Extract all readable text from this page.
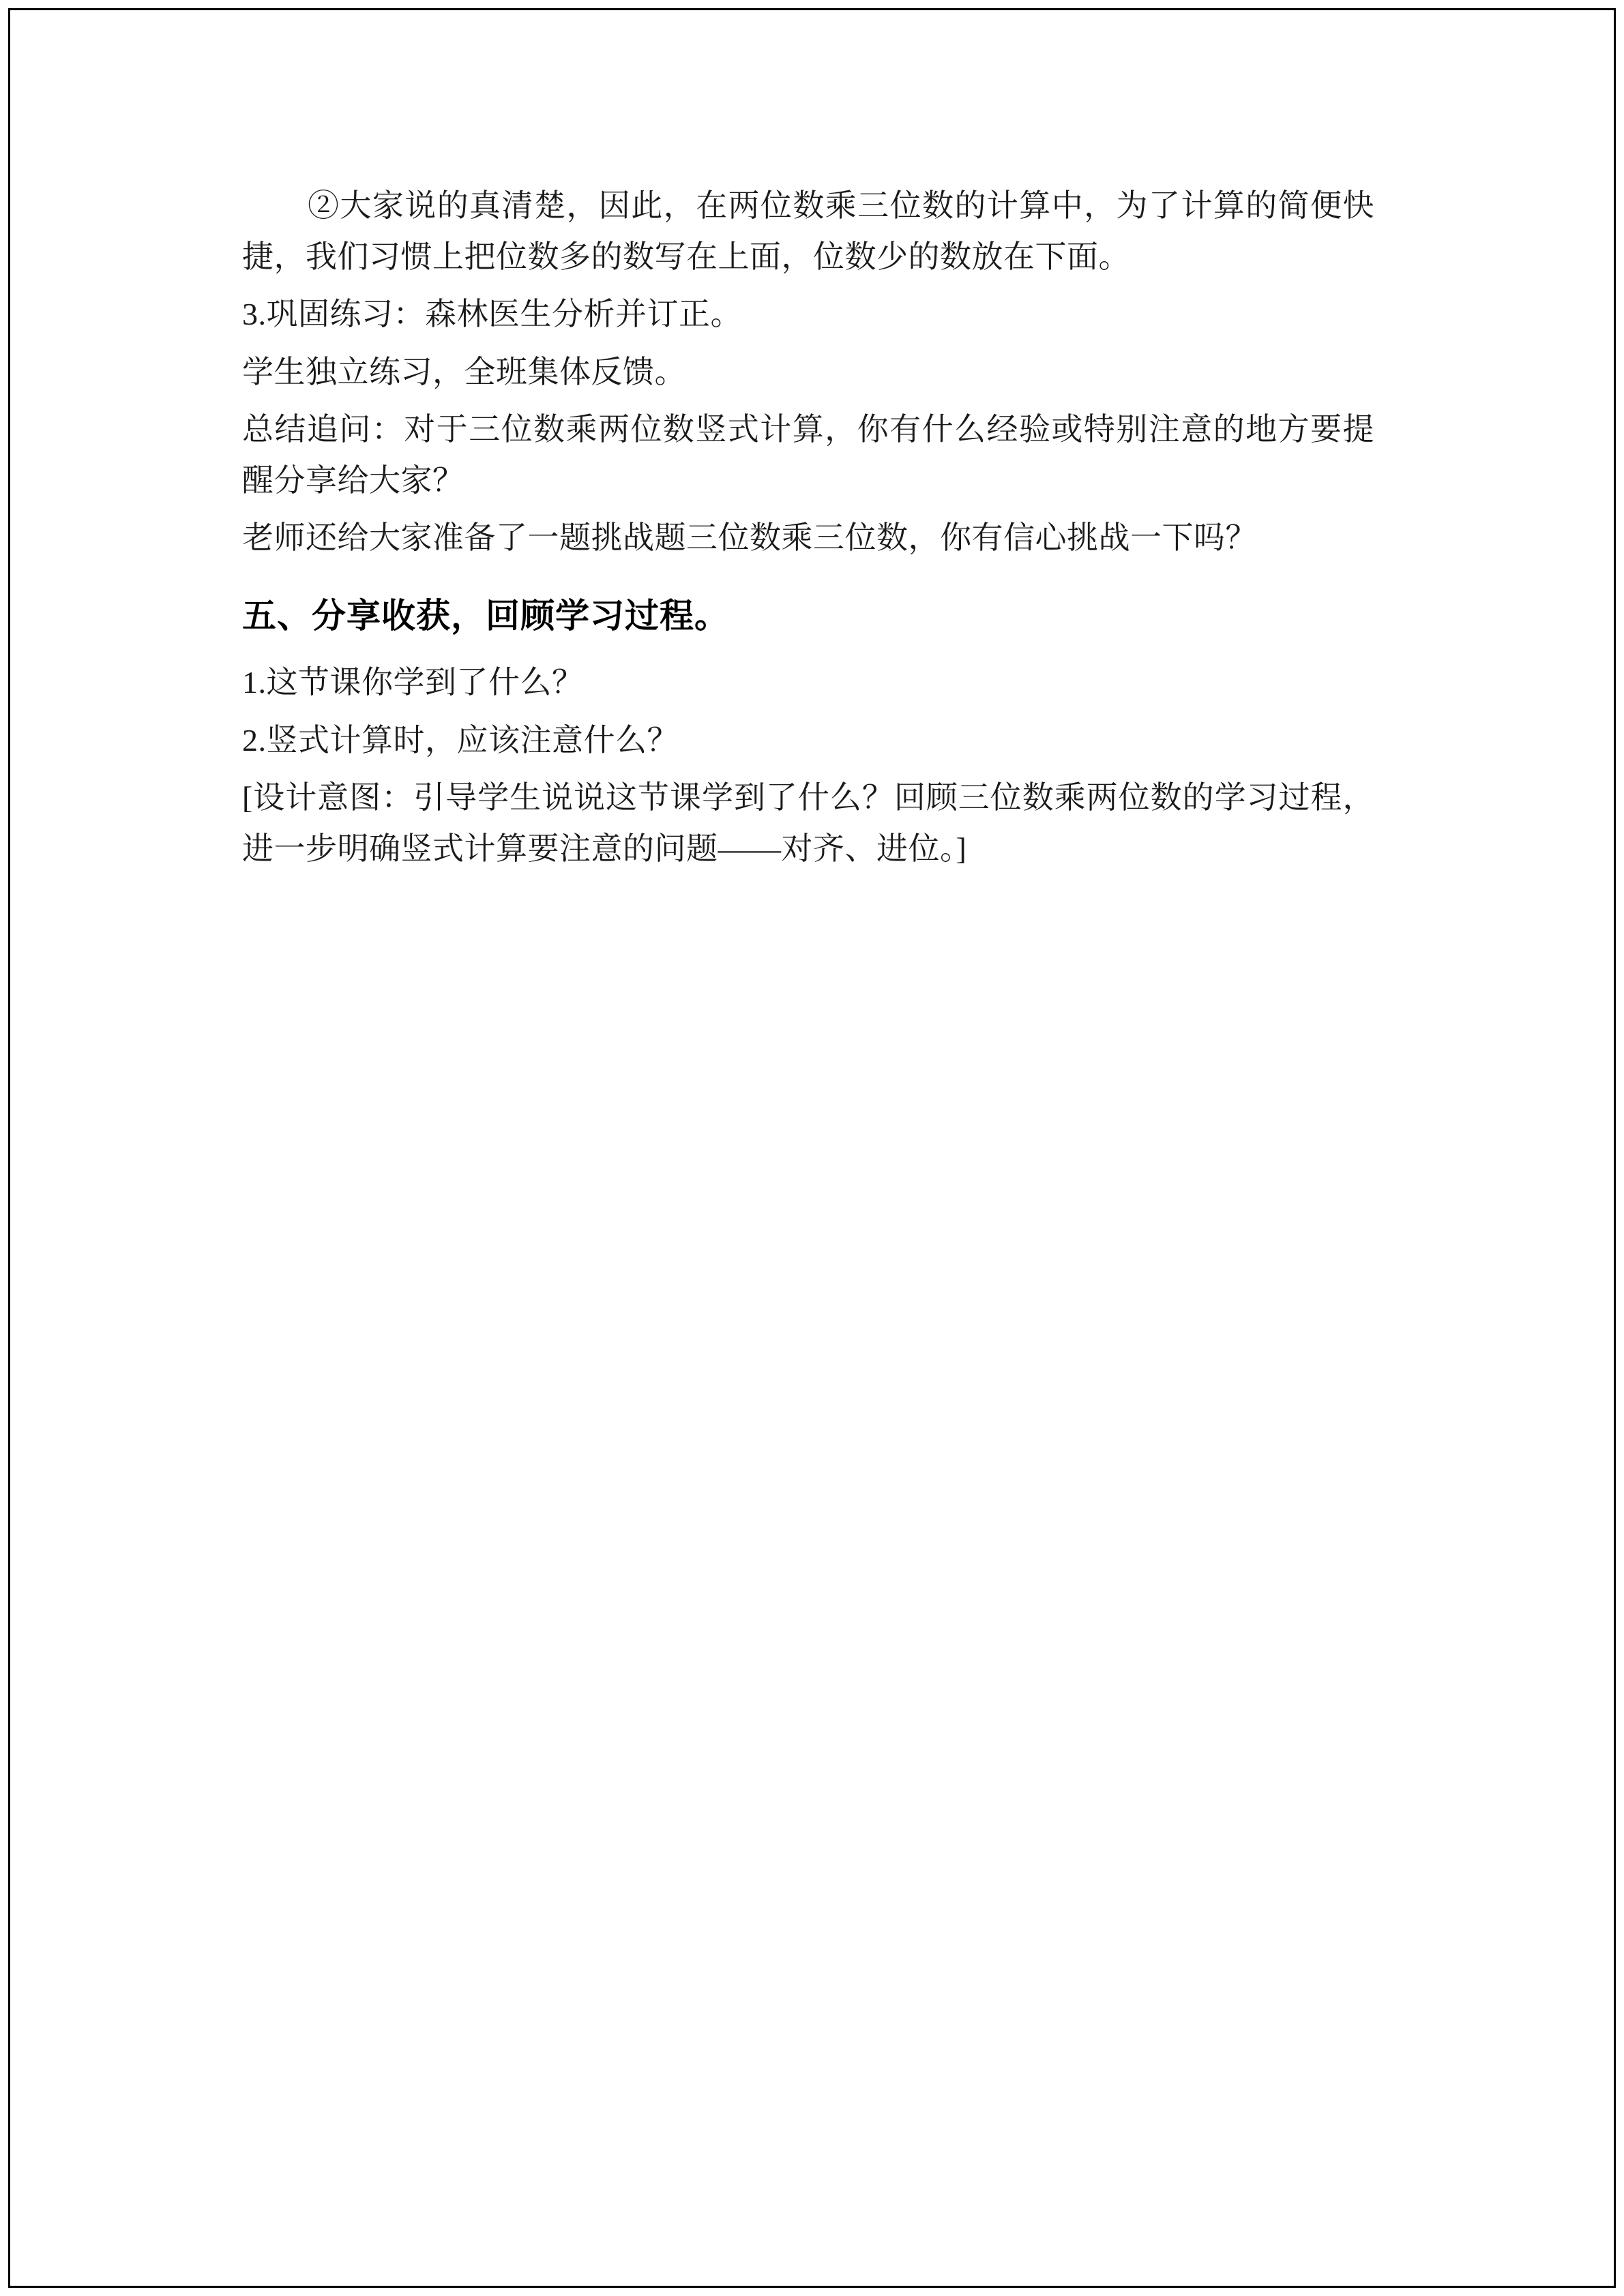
②大家说的真清楚，因此，在两位数乘三位数的计算中，为了计算的简便快捷，我们习惯上把位数多的数写在上面，位数少的数放在下面。

3.巩固练习：森林医生分析并订正。

学生独立练习，全班集体反馈。

总结追问：对于三位数乘两位数竖式计算，你有什么经验或特别注意的地方要提醒分享给大家？

老师还给大家准备了一题挑战题三位数乘三位数，你有信心挑战一下吗？

五、分享收获，回顾学习过程。

1.这节课你学到了什么？

2.竖式计算时，应该注意什么？

[设计意图：引导学生说说这节课学到了什么？回顾三位数乘两位数的学习过程，进一步明确竖式计算要注意的问题——对齐、进位。]
